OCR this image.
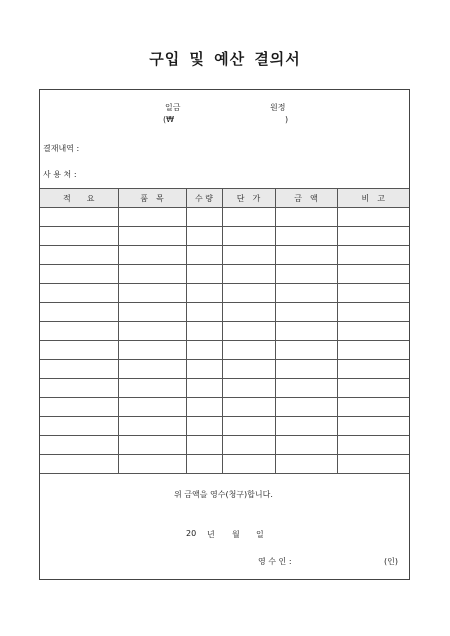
구입 및 예산 결의서
일금	원정
(₩	)
결재내역 :
사 용 처 :
적　　요	품　목	수 량	단　가	금　액	비　고

위 금액을 영수(청구)합니다.
20 년 월 일
영 수 인 :	(인)
